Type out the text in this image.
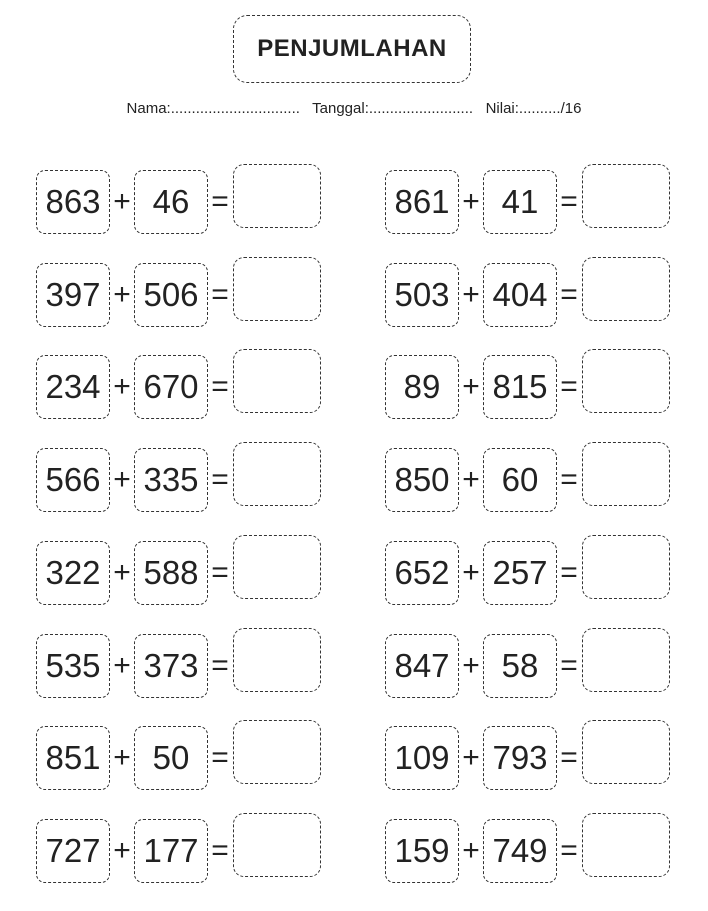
PENJUMLAHAN
Nama:............................... Tanggal:......................... Nilai:........../16
863 + 46 =	861 + 41 =
397 + 506 =	503 + 404 =
234 + 670 =	89 + 815 =
566 + 335 =	850 + 60 =
322 + 588 =	652 + 257 =
535 + 373 =	847 + 58 =
851 + 50 =	109 + 793 =
727 + 177 =	159 + 749 =
